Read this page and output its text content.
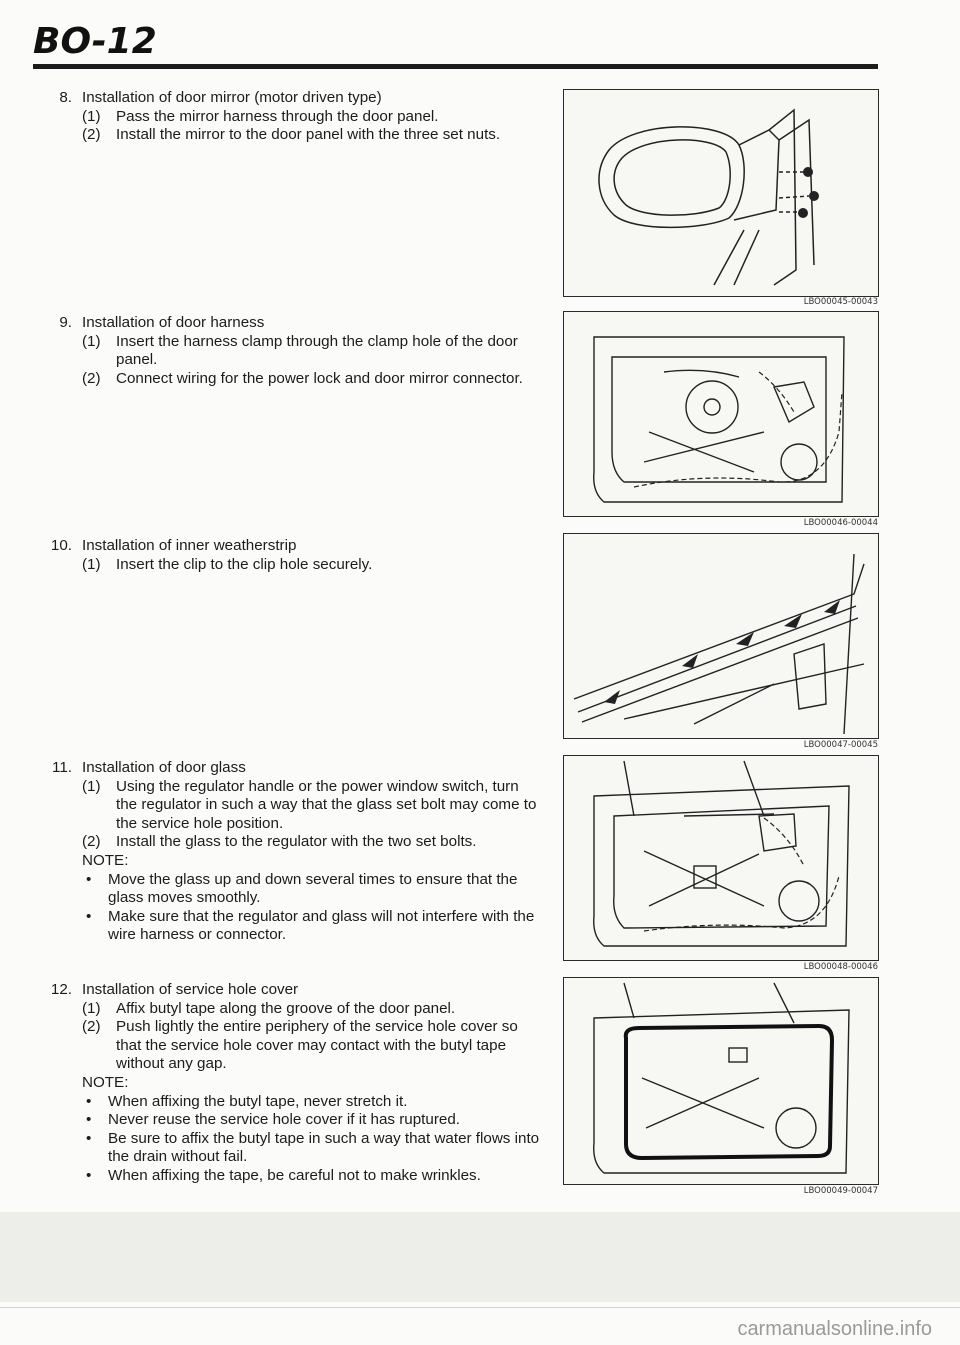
BO-12
8. Installation of door mirror (motor driven type)
(1)	Pass the mirror harness through the door panel.
(2)	Install the mirror to the door panel with the three set nuts.
9. Installation of door harness
(1)	Insert the harness clamp through the clamp hole of the door panel.
(2)	Connect wiring for the power lock and door mirror connector.
10. Installation of inner weatherstrip
(1)	Insert the clip to the clip hole securely.
11. Installation of door glass
(1)	Using the regulator handle or the power window switch, turn the regulator in such a way that the glass set bolt may come to the service hole position.
(2)	Install the glass to the regulator with the two set bolts.
NOTE:
•	Move the glass up and down several times to ensure that the glass moves smoothly.
•	Make sure that the regulator and glass will not interfere with the wire harness or connector.
12. Installation of service hole cover
(1)	Affix butyl tape along the groove of the door panel.
(2)	Push lightly the entire periphery of the service hole cover so that the service hole cover may contact with the butyl tape without any gap.
NOTE:
•	When affixing the butyl tape, never stretch it.
•	Never reuse the service hole cover if it has ruptured.
•	Be sure to affix the butyl tape in such a way that water flows into the drain without fail.
•	When affixing the tape, be careful not to make wrinkles.
LBO00045-00043
LBO00046-00044
LBO00047-00045
LBO00048-00046
LBO00049-00047
carmanualsonline.info
